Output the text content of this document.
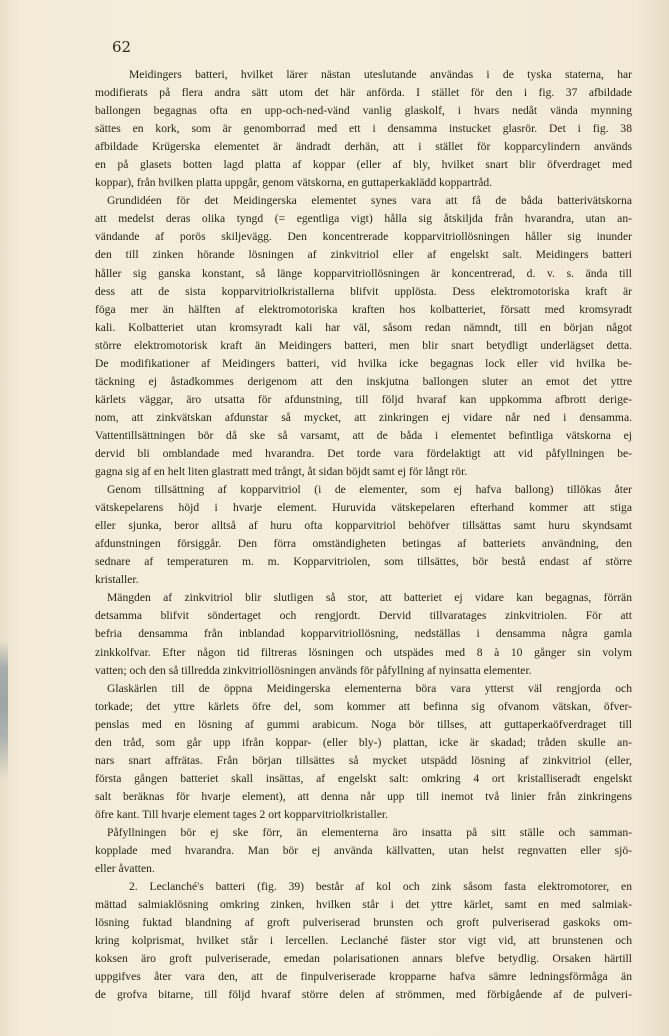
62
Meidingers batteri, hvilket lärer nästan uteslutande användas i de tyska staterna, har
modifierats på flera andra sätt utom det här anförda. I stället för den i fig. 37 afbildade
ballongen begagnas ofta en upp-och-ned-vänd vanlig glaskolf, i hvars nedåt vända mynning
sättes en kork, som är genomborrad med ett i densamma instucket glasrör. Det i fig. 38
afbildade Krügerska elementet är ändradt derhän, att i stället för kopparcylindern används
en på glasets botten lagd platta af koppar (eller af bly, hvilket snart blir öfverdraget med
koppar), från hvilken platta uppgår, genom vätskorna, en guttaperkaklädd koppartråd.
Grundidéen för det Meidingerska elementet synes vara att få de båda batterivätskorna
att medelst deras olika tyngd (= egentliga vigt) hålla sig åtskiljda från hvarandra, utan an-
vändande af porös skiljevägg. Den koncentrerade kopparvitriollösningen håller sig inunder
den till zinken hörande lösningen af zinkvitriol eller af engelskt salt. Meidingers batteri
håller sig ganska konstant, så länge kopparvitriollösningen är koncentrerad, d. v. s. ända till
dess att de sista kopparvitriolkristallerna blifvit upplösta. Dess elektromotoriska kraft är
föga mer än hälften af elektromotoriska kraften hos kolbatteriet, försatt med kromsyradt
kali. Kolbatteriet utan kromsyradt kali har väl, såsom redan nämndt, till en början något
större elektromotorisk kraft än Meidingers batteri, men blir snart betydligt underlägset detta.
De modifikationer af Meidingers batteri, vid hvilka icke begagnas lock eller vid hvilka be-
täckning ej åstadkommes derigenom att den inskjutna ballongen sluter an emot det yttre
kärlets väggar, äro utsatta för afdunstning, till följd hvaraf kan uppkomma afbrott derige-
nom, att zinkvätskan afdunstar så mycket, att zinkringen ej vidare når ned i densamma.
Vattentillsättningen bör då ske så varsamt, att de båda i elementet befintliga vätskorna ej
dervid bli omblandade med hvarandra. Det torde vara fördelaktigt att vid påfyllningen be-
gagna sig af en helt liten glastratt med trångt, åt sidan böjdt samt ej för långt rör.
Genom tillsättning af kopparvitriol (i de elementer, som ej hafva ballong) tillökas åter
vätskepelarens höjd i hvarje element. Huruvida vätskepelaren efterhand kommer att stiga
eller sjunka, beror alltså af huru ofta kopparvitriol behöfver tillsättas samt huru skyndsamt
afdunstningen försiggår. Den förra omständigheten betingas af batteriets användning, den
sednare af temperaturen m. m. Kopparvitriolen, som tillsättes, bör bestå endast af större
kristaller.
Mängden af zinkvitriol blir slutligen så stor, att batteriet ej vidare kan begagnas, förrän
detsamma blifvit söndertaget och rengjordt. Dervid tillvaratages zinkvitriolen. För att
befria densamma från inblandad kopparvitriollösning, nedställas i densamma några gamla
zinkkolfvar. Efter någon tid filtreras lösningen och utspädes med 8 à 10 gånger sin volym
vatten; och den så tillredda zinkvitriollösningen används för påfyllning af nyinsatta elementer.
Glaskärlen till de öppna Meidingerska elementerna böra vara ytterst väl rengjorda och
torkade; det yttre kärlets öfre del, som kommer att befinna sig ofvanom vätskan, öfver-
penslas med en lösning af gummi arabicum. Noga bör tillses, att guttaperkaöfverdraget till
den tråd, som går upp ifrån koppar- (eller bly-) plattan, icke är skadad; tråden skulle an-
nars snart affrätas. Från början tillsättes så mycket utspädd lösning af zinkvitriol (eller,
första gången batteriet skall insättas, af engelskt salt: omkring 4 ort kristalliseradt engelskt
salt beräknas för hvarje element), att denna når upp till inemot två linier från zinkringens
öfre kant. Till hvarje element tages 2 ort kopparvitriolkristaller.
Påfyllningen bör ej ske förr, än elementerna äro insatta på sitt ställe och samman-
kopplade med hvarandra. Man bör ej använda källvatten, utan helst regnvatten eller sjö-
eller åvatten.
2. Leclanché's batteri (fig. 39) består af kol och zink såsom fasta elektromotorer, en
mättad salmiaklösning omkring zinken, hvilken står i det yttre kärlet, samt en med salmiak-
lösning fuktad blandning af groft pulveriserad brunsten och groft pulveriserad gaskoks om-
kring kolprismat, hvilket står i lercellen. Leclanché fäster stor vigt vid, att brunstenen och
koksen äro groft pulveriserade, emedan polarisationen annars blefve betydlig. Orsaken härtill
uppgifves åter vara den, att de finpulveriserade kropparne hafva sämre ledningsförmåga än
de grofva bitarne, till följd hvaraf större delen af strömmen, med förbigående af de pulveri-
